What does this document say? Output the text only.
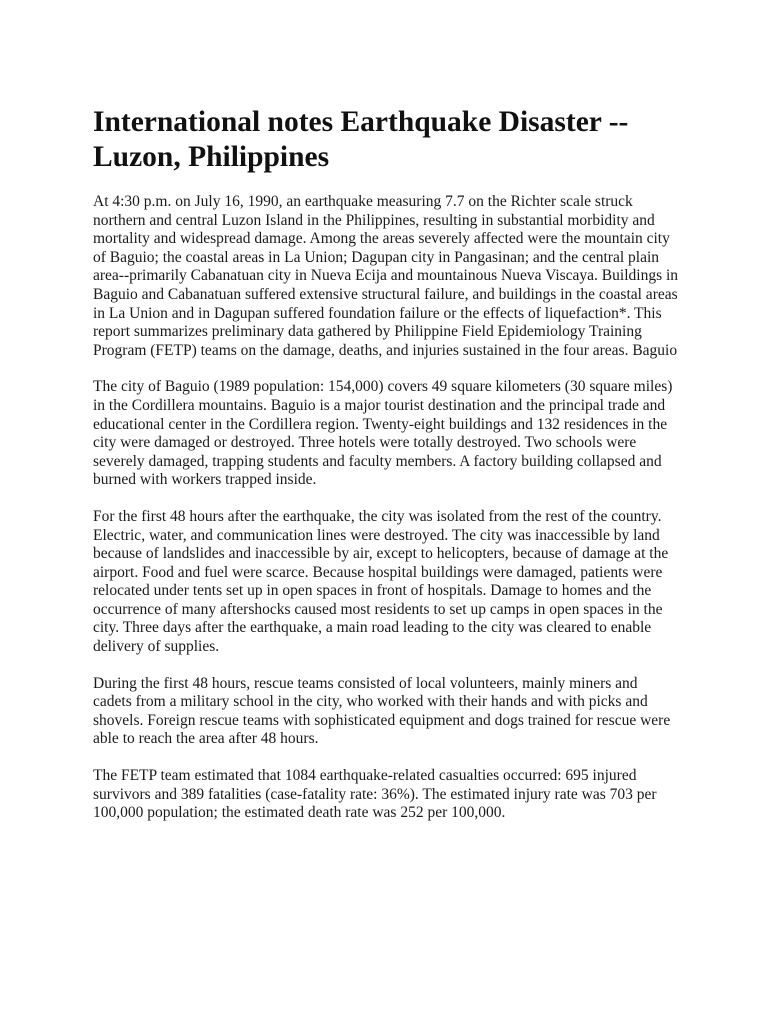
International notes Earthquake Disaster -- Luzon, Philippines

At 4:30 p.m. on July 16, 1990, an earthquake measuring 7.7 on the Richter scale struck northern and central Luzon Island in the Philippines, resulting in substantial morbidity and mortality and widespread damage. Among the areas severely affected were the mountain city of Baguio; the coastal areas in La Union; Dagupan city in Pangasinan; and the central plain area--primarily Cabanatuan city in Nueva Ecija and mountainous Nueva Viscaya. Buildings in Baguio and Cabanatuan suffered extensive structural failure, and buildings in the coastal areas in La Union and in Dagupan suffered foundation failure or the effects of liquefaction*. This report summarizes preliminary data gathered by Philippine Field Epidemiology Training Program (FETP) teams on the damage, deaths, and injuries sustained in the four areas. Baguio

The city of Baguio (1989 population: 154,000) covers 49 square kilometers (30 square miles) in the Cordillera mountains. Baguio is a major tourist destination and the principal trade and educational center in the Cordillera region. Twenty-eight buildings and 132 residences in the city were damaged or destroyed. Three hotels were totally destroyed. Two schools were severely damaged, trapping students and faculty members. A factory building collapsed and burned with workers trapped inside.

For the first 48 hours after the earthquake, the city was isolated from the rest of the country. Electric, water, and communication lines were destroyed. The city was inaccessible by land because of landslides and inaccessible by air, except to helicopters, because of damage at the airport. Food and fuel were scarce. Because hospital buildings were damaged, patients were relocated under tents set up in open spaces in front of hospitals. Damage to homes and the occurrence of many aftershocks caused most residents to set up camps in open spaces in the city. Three days after the earthquake, a main road leading to the city was cleared to enable delivery of supplies.

During the first 48 hours, rescue teams consisted of local volunteers, mainly miners and cadets from a military school in the city, who worked with their hands and with picks and shovels. Foreign rescue teams with sophisticated equipment and dogs trained for rescue were able to reach the area after 48 hours.

The FETP team estimated that 1084 earthquake-related casualties occurred: 695 injured survivors and 389 fatalities (case-fatality rate: 36%). The estimated injury rate was 703 per 100,000 population; the estimated death rate was 252 per 100,000.
